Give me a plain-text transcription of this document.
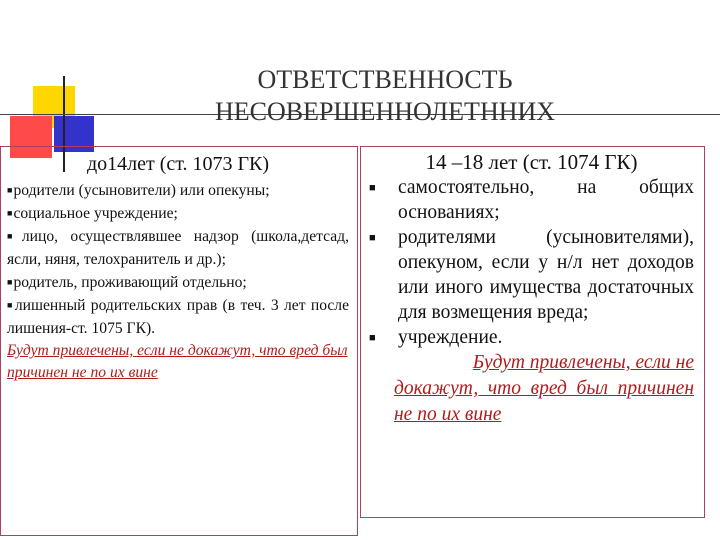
ОТВЕТСТВЕННОСТЬ НЕСОВЕРШЕННОЛЕТННИХ
до14лет (ст. 1073 ГК)
■родители (усыновители) или опекуны;
■социальное учреждение;
■лицо, осуществлявшее надзор (школа,детсад, ясли, няня, телохранитель и др.);
■родитель, проживающий отдельно;
■лишенный родительских прав (в теч. 3 лет после лишения-ст. 1075 ГК).
Будут привлечены, если не докажут, что вред был причинен не по их вине
14 –18 лет (ст. 1074 ГК)
■ самостоятельно, на общих основаниях;
■ родителями (усыновителями), опекуном, если у н/л нет доходов или иного имущества достаточных для возмещения вреда;
■ учреждение.
Будут привлечены, если не
докажут, что вред был причинен не по их вине
